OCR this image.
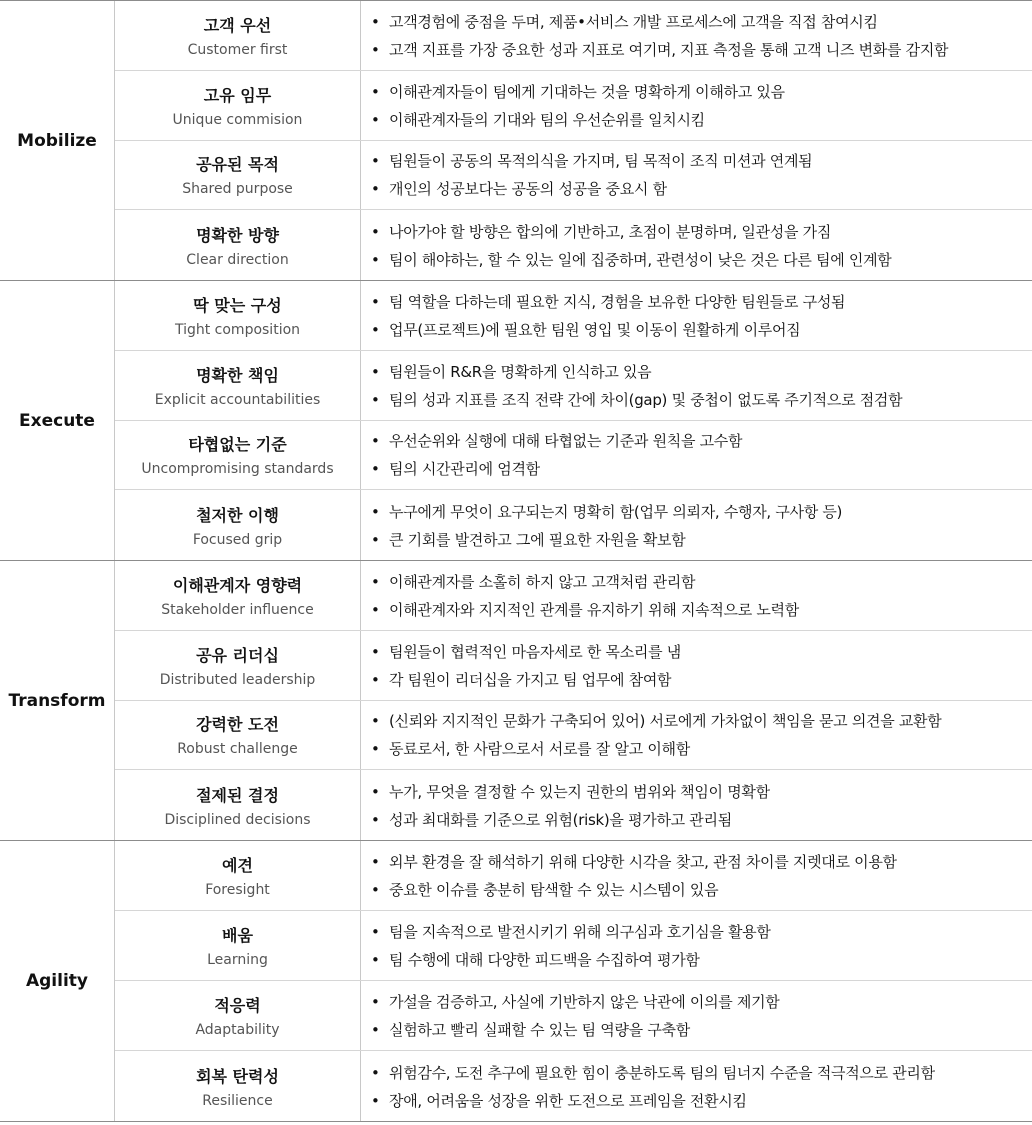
Mobilize
고객 우선
Customer first
• 고객경험에 중점을 두며, 제품•서비스 개발 프로세스에 고객을 직접 참여시킴
• 고객 지표를 가장 중요한 성과 지표로 여기며, 지표 측정을 통해 고객 니즈 변화를 감지함
고유 임무
Unique commision
• 이해관계자들이 팀에게 기대하는 것을 명확하게 이해하고 있음
• 이해관계자들의 기대와 팀의 우선순위를 일치시킴
공유된 목적
Shared purpose
• 팀원들이 공동의 목적의식을 가지며, 팀 목적이 조직 미션과 연계됨
• 개인의 성공보다는 공동의 성공을 중요시 함
명확한 방향
Clear direction
• 나아가야 할 방향은 합의에 기반하고, 초점이 분명하며, 일관성을 가짐
• 팀이 해야하는, 할 수 있는 일에 집중하며, 관련성이 낮은 것은 다른 팀에 인계함
Execute
딱 맞는 구성
Tight composition
• 팀 역할을 다하는데 필요한 지식, 경험을 보유한 다양한 팀원들로 구성됨
• 업무(프로젝트)에 필요한 팀원 영입 및 이동이 원활하게 이루어짐
명확한 책임
Explicit accountabilities
• 팀원들이 R&R을 명확하게 인식하고 있음
• 팀의 성과 지표를 조직 전략 간에 차이(gap) 및 중첩이 없도록 주기적으로 점검함
타협없는 기준
Uncompromising standards
• 우선순위와 실행에 대해 타협없는 기준과 원칙을 고수함
• 팀의 시간관리에 엄격함
철저한 이행
Focused grip
• 누구에게 무엇이 요구되는지 명확히 함(업무 의뢰자, 수행자, 구사항 등)
• 큰 기회를 발견하고 그에 필요한 자원을 확보함
Transform
이해관계자 영향력
Stakeholder influence
• 이해관계자를 소홀히 하지 않고 고객처럼 관리함
• 이해관계자와 지지적인 관계를 유지하기 위해 지속적으로 노력함
공유 리더십
Distributed leadership
• 팀원들이 협력적인 마음자세로 한 목소리를 냄
• 각 팀원이 리더십을 가지고 팀 업무에 참여함
강력한 도전
Robust challenge
• (신뢰와 지지적인 문화가 구축되어 있어) 서로에게 가차없이 책임을 묻고 의견을 교환함
• 동료로서, 한 사람으로서 서로를 잘 알고 이해함
절제된 결정
Disciplined decisions
• 누가, 무엇을 결정할 수 있는지 권한의 범위와 책임이 명확함
• 성과 최대화를 기준으로 위험(risk)을 평가하고 관리됨
Agility
예견
Foresight
• 외부 환경을 잘 해석하기 위해 다양한 시각을 찾고, 관점 차이를 지렛대로 이용함
• 중요한 이슈를 충분히 탐색할 수 있는 시스템이 있음
배움
Learning
• 팀을 지속적으로 발전시키기 위해 의구심과 호기심을 활용함
• 팀 수행에 대해 다양한 피드백을 수집하여 평가함
적응력
Adaptability
• 가설을 검증하고, 사실에 기반하지 않은 낙관에 이의를 제기함
• 실험하고 빨리 실패할 수 있는 팀 역량을 구축함
회복 탄력성
Resilience
• 위험감수, 도전 추구에 필요한 힘이 충분하도록 팀의 팀너지 수준을 적극적으로 관리함
• 장애, 어려움을 성장을 위한 도전으로 프레임을 전환시킴
